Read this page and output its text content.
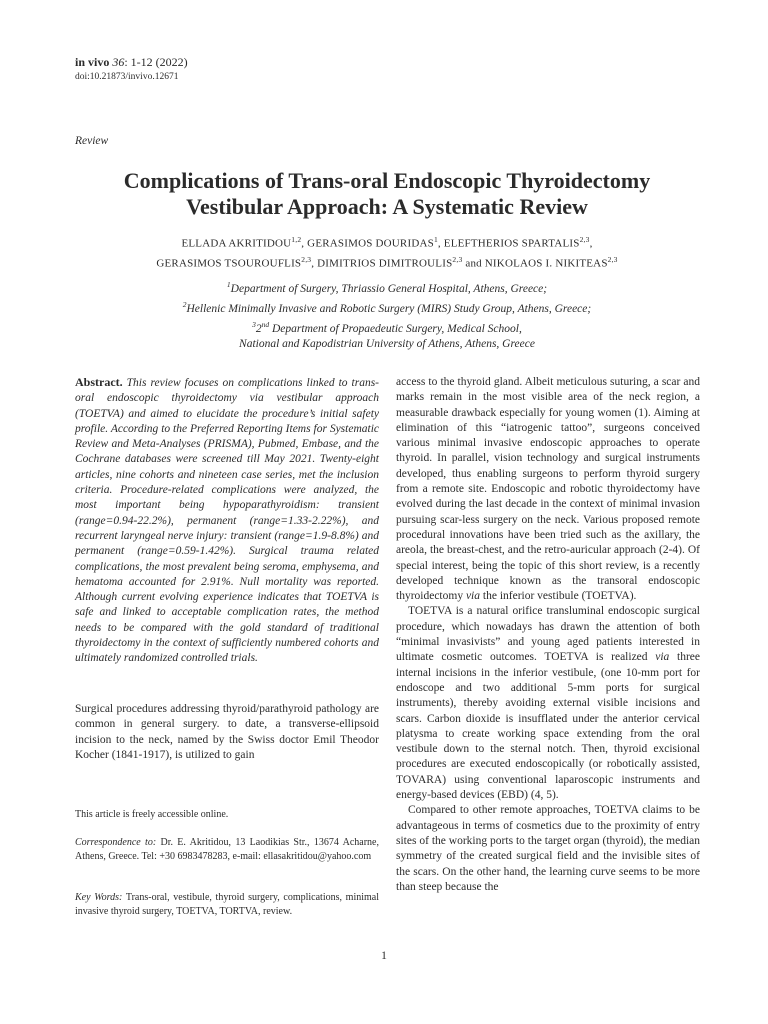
in vivo 36: 1-12 (2022)
doi:10.21873/invivo.12671
Review
Complications of Trans-oral Endoscopic Thyroidectomy
Vestibular Approach: A Systematic Review
ELLADA AKRITIDOU$^{1,2}$, GERASIMOS DOURIDAS$^1$, ELEFTHERIOS SPARTALIS$^{2,3}$,
GERASIMOS TSOUROUFLIS$^{2,3}$, DIMITRIOS DIMITROULIS$^{2,3}$ and NIKOLAOS I. NIKITEAS$^{2,3}$
$^1$Department of Surgery, Thriassio General Hospital, Athens, Greece;
$^2$Hellenic Minimally Invasive and Robotic Surgery (MIRS) Study Group, Athens, Greece;
$^3$2nd Department of Propaedeutic Surgery, Medical School,
National and Kapodistrian University of Athens, Athens, Greece
Abstract. This review focuses on complications linked to trans-oral endoscopic thyroidectomy via vestibular approach (TOETVA) and aimed to elucidate the procedure’s initial safety profile. According to the Preferred Reporting Items for Systematic Review and Meta-Analyses (PRISMA), Pubmed, Embase, and the Cochrane databases were screened till May 2021. Twenty-eight articles, nine cohorts and nineteen case series, met the inclusion criteria. Procedure-related complications were analyzed, the most important being hypoparathyroidism: transient (range=0.94-22.2%), permanent (range=1.33-2.22%), and recurrent laryngeal nerve injury: transient (range=1.9-8.8%) and permanent (range=0.59-1.42%). Surgical trauma related complications, the most prevalent being seroma, emphysema, and hematoma accounted for 2.91%. Null mortality was reported. Although current evolving experience indicates that TOETVA is safe and linked to acceptable complication rates, the method needs to be compared with the gold standard of traditional thyroidectomy in the context of sufficiently numbered cohorts and ultimately randomized controlled trials.
Surgical procedures addressing thyroid/parathyroid pathology are common in general surgery. to date, a transverse-ellipsoid incision to the neck, named by the Swiss doctor Emil Theodor Kocher (1841-1917), is utilized to gain
This article is freely accessible online.
Correspondence to: Dr. E. Akritidou, 13 Laodikias Str., 13674 Acharne, Athens, Greece. Tel: +30 6983478283, e-mail: ellasakritidou@yahoo.com
Key Words: Trans-oral, vestibule, thyroid surgery, complications, minimal invasive thyroid surgery, TOETVA, TORTVA, review.

access to the thyroid gland. Albeit meticulous suturing, a scar and marks remain in the most visible area of the neck region, a measurable drawback especially for young women (1). Aiming at elimination of this “iatrogenic tattoo”, surgeons conceived various minimal invasive endoscopic approaches to operate thyroid. In parallel, vision technology and surgical instruments developed, thus enabling surgeons to perform thyroid surgery from a remote site. Endoscopic and robotic thyroidectomy have evolved during the last decade in the context of minimal invasion pursuing scar-less surgery on the neck. Various proposed remote procedural innovations have been tried such as the axillary, the areola, the breast-chest, and the retro-auricular approach (2-4). Of special interest, being the topic of this short review, is a recently developed technique known as the transoral endoscopic thyroidectomy via the inferior vestibule (TOETVA).

TOETVA is a natural orifice transluminal endoscopic surgical procedure, which nowadays has drawn the attention of both “minimal invasivists” and young aged patients interested in ultimate cosmetic outcomes. TOETVA is realized via three internal incisions in the inferior vestibule, (one 10-mm port for endoscope and two additional 5-mm ports for surgical instruments), thereby avoiding external visible incisions and scars. Carbon dioxide is insufflated under the anterior cervical platysma to create working space extending from the oral vestibule down to the sternal notch. Then, thyroid excisional procedures are executed endoscopically (or robotically assisted, TOVARA) using conventional laparoscopic instruments and energy-based devices (EBD) (4, 5).

Compared to other remote approaches, TOETVA claims to be advantageous in terms of cosmetics due to the proximity of entry sites of the working ports to the target organ (thyroid), the median symmetry of the created surgical field and the invisible sites of the scars. On the other hand, the learning curve seems to be more than steep because the

1
